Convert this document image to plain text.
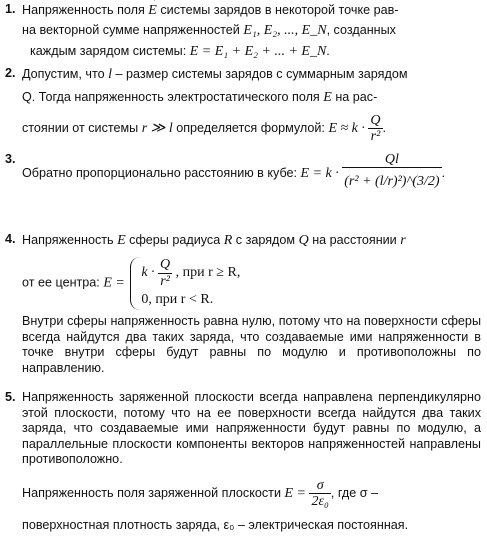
1. Напряженность поля → E системы зарядов в некоторой точке рав-
на векторной сумме напряженностей E₁, E₂, ..., E_N, созданных
каждым зарядом системы: E = E₁ + E₂ + ... + E_N.
2. Допустим, что l – размер системы зарядов с суммарным зарядом
Q. Тогда напряженность электростатического поля E на рас-
стоянии от системы r ≫ l определяется формулой: $E \approx k \cdot \frac{Q}{\text{r²}}$ .
3.
Обратно пропорционально расстоянию в кубе: $E = k \cdot \frac{Ql}{\text{(r² + (l/r)²)\textasciicircum{}(3/2)}}$ .
4. Напряженность E сферы радиуса R с зарядом Q на расстоянии r
от ее центра: E =
$k \cdot \frac{Q}{\text{r²}}$ , при r ≥ R,
0, при r < R.
Внутри сферы напряженность равна нулю, потому что на поверхности сферы всегда найдутся два таких заряда, что создаваемые ими напряженности в точке внутри сферы будут равны по модулю и противоположны по направлению.
5. Напряженность заряженной плоскости всегда направлена перпендикулярно этой плоскости, потому что на ее поверхности всегда найдутся два таких заряда, что создаваемые ими напряженности будут равны по модулю, а параллельные плоскости компоненты векторов напряженностей направлены противоположно.
Напряженность поля заряженной плоскости $E = \frac{\sigma}{\text{2ε₀}}$ , где σ –
поверхностная плотность заряда, ε₀ – электрическая постоянная.
